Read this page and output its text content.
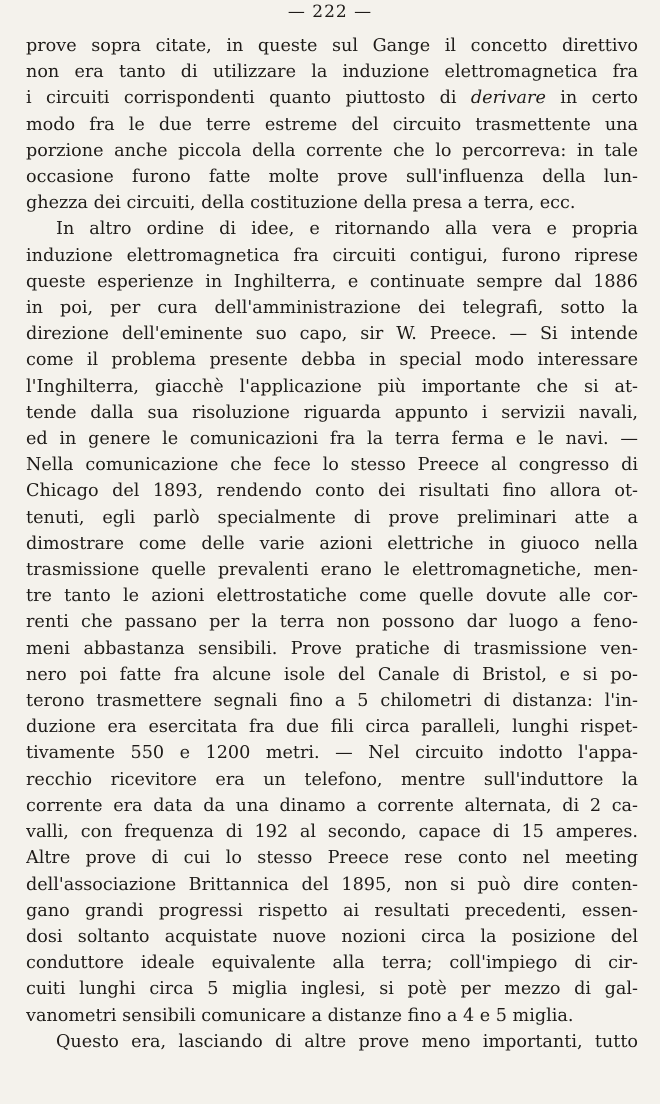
— 222 —
prove sopra citate, in queste sul Gange il concetto direttivo
non era tanto di utilizzare la induzione elettromagnetica fra
i circuiti corrispondenti quanto piuttosto di derivare in certo
modo fra le due terre estreme del circuito trasmettente una
porzione anche piccola della corrente che lo percorreva: in tale
occasione furono fatte molte prove sull'influenza della lun-
ghezza dei circuiti, della costituzione della presa a terra, ecc.
In altro ordine di idee, e ritornando alla vera e propria
induzione elettromagnetica fra circuiti contigui, furono riprese
queste esperienze in Inghilterra, e continuate sempre dal 1886
in poi, per cura dell'amministrazione dei telegrafi, sotto la
direzione dell'eminente suo capo, sir W. Preece. — Si intende
come il problema presente debba in special modo interessare
l'Inghilterra, giacchè l'applicazione più importante che si at-
tende dalla sua risoluzione riguarda appunto i servizii navali,
ed in genere le comunicazioni fra la terra ferma e le navi. —
Nella comunicazione che fece lo stesso Preece al congresso di
Chicago del 1893, rendendo conto dei risultati fino allora ot-
tenuti, egli parlò specialmente di prove preliminari atte a
dimostrare come delle varie azioni elettriche in giuoco nella
trasmissione quelle prevalenti erano le elettromagnetiche, men-
tre tanto le azioni elettrostatiche come quelle dovute alle cor-
renti che passano per la terra non possono dar luogo a feno-
meni abbastanza sensibili. Prove pratiche di trasmissione ven-
nero poi fatte fra alcune isole del Canale di Bristol, e si po-
terono trasmettere segnali fino a 5 chilometri di distanza: l'in-
duzione era esercitata fra due fili circa paralleli, lunghi rispet-
tivamente 550 e 1200 metri. — Nel circuito indotto l'appa-
recchio ricevitore era un telefono, mentre sull'induttore la
corrente era data da una dinamo a corrente alternata, di 2 ca-
valli, con frequenza di 192 al secondo, capace di 15 amperes.
Altre prove di cui lo stesso Preece rese conto nel meeting
dell'associazione Brittannica del 1895, non si può dire conten-
gano grandi progressi rispetto ai resultati precedenti, essen-
dosi soltanto acquistate nuove nozioni circa la posizione del
conduttore ideale equivalente alla terra; coll'impiego di cir-
cuiti lunghi circa 5 miglia inglesi, si potè per mezzo di gal-
vanometri sensibili comunicare a distanze fino a 4 e 5 miglia.
Questo era, lasciando di altre prove meno importanti, tutto
